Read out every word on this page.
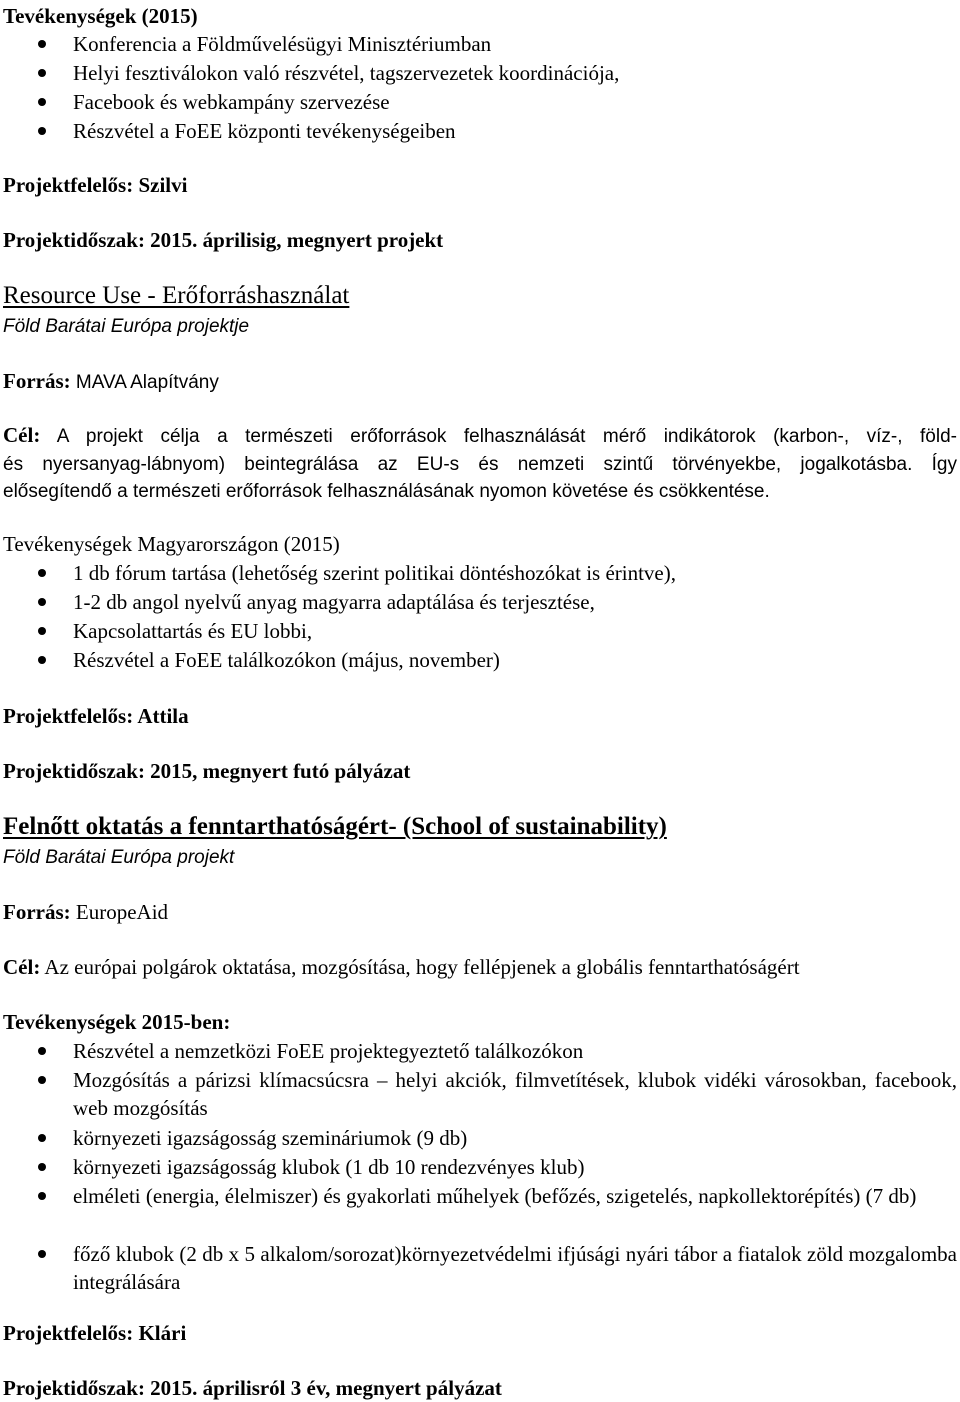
Tevékenységek (2015)
Konferencia a Földművelésügyi Minisztériumban
Helyi fesztiválokon való részvétel, tagszervezetek koordinációja,
Facebook és webkampány szervezése
Részvétel a FoEE központi tevékenységeiben
Projektfelelős: Szilvi
Projektidőszak: 2015. áprilisig, megnyert projekt
Resource Use - Erőforráshasználat
Föld Barátai Európa projektje
Forrás: MAVA Alapítvány
Cél: A projekt célja a természeti erőforrások felhasználását mérő indikátorok (karbon-, víz-, föld-
és nyersanyag-lábnyom) beintegrálása az EU-s és nemzeti szintű törvényekbe, jogalkotásba. Így
elősegítendő a természeti erőforrások felhasználásának nyomon követése és csökkentése.
Tevékenységek Magyarországon (2015)
1 db fórum tartása (lehetőség szerint politikai döntéshozókat is érintve),
1-2 db angol nyelvű anyag magyarra adaptálása és terjesztése,
Kapcsolattartás és EU lobbi,
Részvétel a FoEE találkozókon (május, november)
Projektfelelős: Attila
Projektidőszak: 2015, megnyert futó pályázat
Felnőtt oktatás a fenntarthatóságért- (School of sustainability)
Föld Barátai Európa projekt
Forrás: EuropeAid
Cél: Az európai polgárok oktatása, mozgósítása, hogy fellépjenek a globális fenntarthatóságért
Tevékenységek 2015-ben:
Részvétel a nemzetközi FoEE projektegyeztető találkozókon
Mozgósítás a párizsi klímacsúcsra – helyi akciók, filmvetítések, klubok vidéki városokban, facebook, web mozgósítás
környezeti igazságosság szemináriumok (9 db)
környezeti igazságosság klubok (1 db 10 rendezvényes klub)
elméleti (energia, élelmiszer) és gyakorlati műhelyek (befőzés, szigetelés, napkollektorépítés) (7 db)
főző klubok (2 db x 5 alkalom/sorozat)környezetvédelmi ifjúsági nyári tábor a fiatalok zöld mozgalomba integrálására
Projektfelelős: Klári
Projektidőszak: 2015. áprilisról 3 év, megnyert pályázat
